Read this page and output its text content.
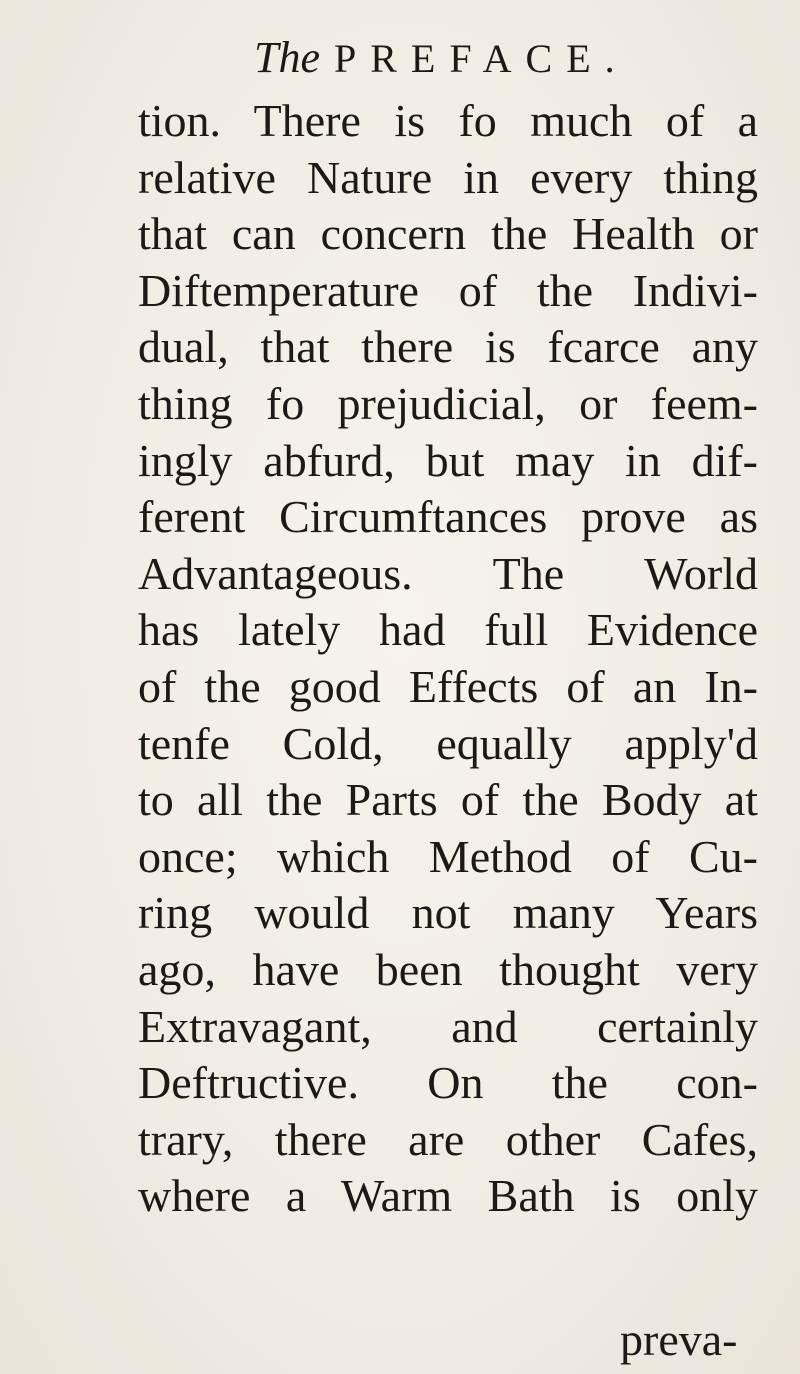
The PREFACE.
tion. There is fo much of a
relative Nature in every thing
that can concern the Health or
Diftemperature of the Indivi-
dual, that there is fcarce any
thing fo prejudicial, or feem-
ingly abfurd, but may in dif-
ferent Circumftances prove as
Advantageous. The World
has lately had full Evidence
of the good Effects of an In-
tenfe Cold, equally apply'd
to all the Parts of the Body at
once; which Method of Cu-
ring would not many Years
ago, have been thought very
Extravagant, and certainly
Deftructive. On the con-
trary, there are other Cafes,
where a Warm Bath is only
preva-
